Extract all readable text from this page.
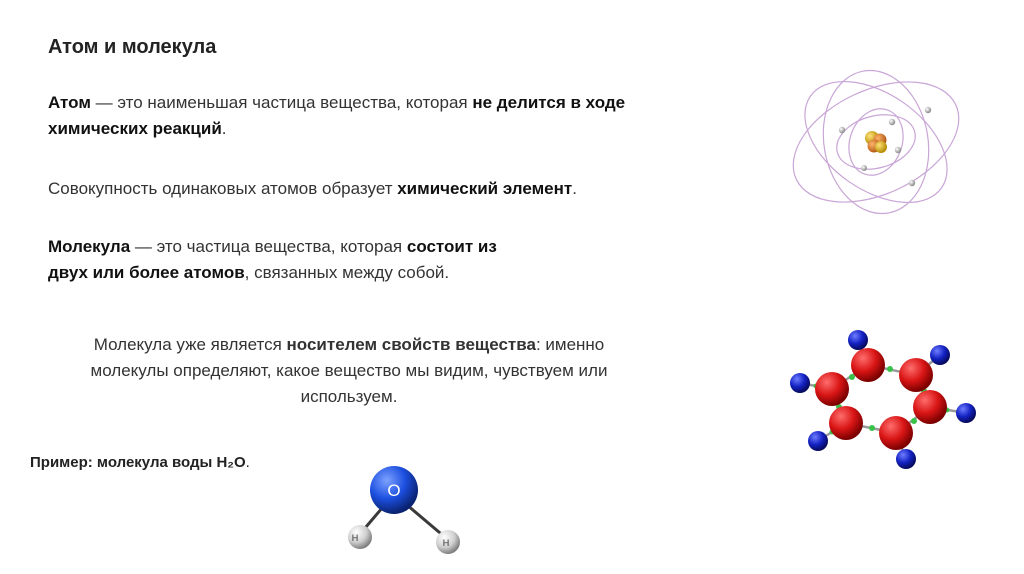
Атом и молекула
Атом — это наименьшая частица вещества, которая не делится в ходе химических реакций.
Совокупность одинаковых атомов образует химический элемент.
Молекула — это частица вещества, которая состоит из
двух или более атомов, связанных между собой.
Молекула уже является носителем свойств вещества: именно молекулы определяют, какое вещество мы видим, чувствуем или используем.
Пример: молекула воды H₂O.
O
H	H
